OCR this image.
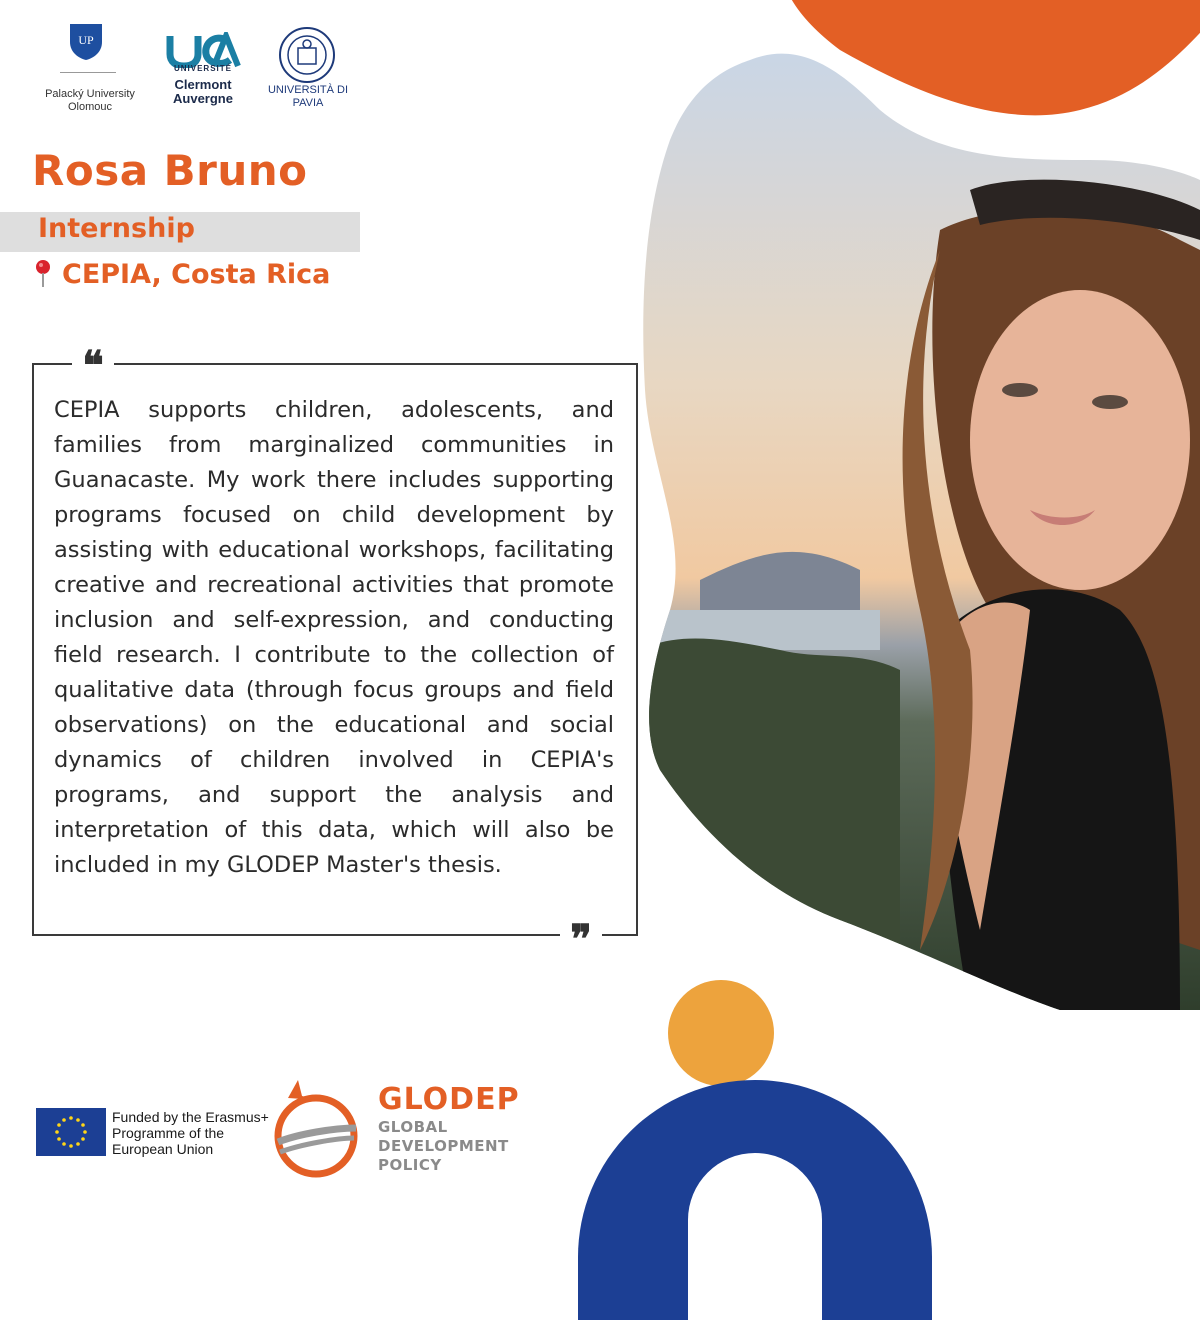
UP
Palacký University Olomouc
UNIVERSITÉ
Clermont Auvergne
UNIVERSITÀ DI PAVIA
Rosa Bruno
Internship
CEPIA, Costa Rica
❝
❞

CEPIA supports children, adolescents, and families from marginalized communities in Guanacaste. My work there includes supporting programs focused on child development by assisting with educational workshops, facilitating creative and recreational activities that promote inclusion and self-expression, and conducting field research. I contribute to the collection of qualitative data (through focus groups and field observations) on the educational and social dynamics of children involved in CEPIA's programs, and support the analysis and interpretation of this data, which will also be included in my GLODEP Master's thesis.

Funded by the Erasmus+ Programme of the European Union
GLODEP
GLOBAL DEVELOPMENT POLICY
